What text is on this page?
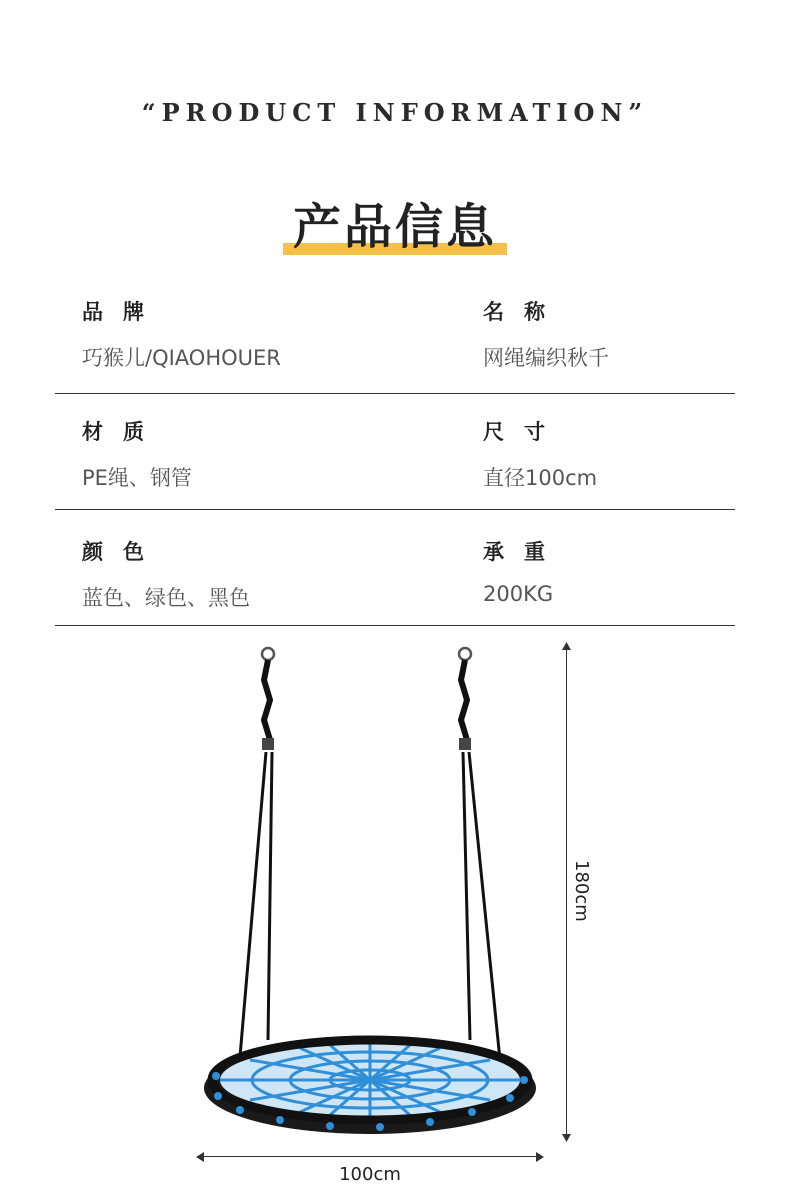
“PRODUCT INFORMATION”
产品信息
品牌
巧猴儿/QIAOHOUER
名称
网绳编织秋千
材质
PE绳、钢管
尺寸
直径100cm
颜色
蓝色、绿色、黑色
承重
200KG
180cm
100cm
